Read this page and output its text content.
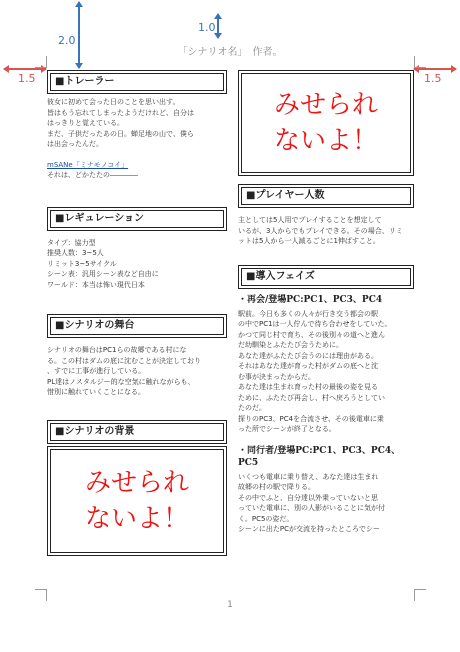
2.0
1.0
1.5	1.5
「シナリオ名」　作者。
■トレーラー

彼女に初めて会った日のことを思い出す。

皆はもう忘れてしまったようだけれど、自分は

はっきりと覚えている。

まだ、子供だったあの日。蝉足地の山で、僕ら

は出会ったんだ。

mSANe「ミナモノコイ」

それは、どかたたの――――

■レギュレーション

タイプ：協力型

推奨人数：3~5人

リミット3~5サイクル

シーン表：汎用シーン表など自由に

ワールド：本当は怖い現代日本

■シナリオの舞台

シナリオの舞台はPC1らの故郷である村にな

る。この村はダムの底に沈むことが決定しており

、すでに工事が進行している。

PL達はノスタルジー的な空気に触れながらも、

惜別に触れていくことになる。

■シナリオの背景
みせられ
ないよ！
みせられ
ないよ！
■プレイヤー人数

主としては5人用でプレイすることを想定して

いるが、3人からでもプレイできる。その場合、リミ

ットは5人から一人減るごとに1伸ばすこと。

■導入フェイズ
・再会/登場PC:PC1、PC3、PC4

駅前。今日も多くの人々が行き交う都会の駅

の中でPC1は一人佇んで待ち合わせをしていた。

かつて同じ村で育ち、その後別々の道へと進ん

だ幼馴染とふたたび会うために。

あなた達がふたたび会うのには理由がある。

それはあなた達が育った村がダムの底へと沈

む事が決まったからだ。

あなた達は生まれ育った村の最後の姿を見る

ために、ふたたび再会し、村へ戻ろうとしてい

たのだ。

探りのPC3、PC4を合流させ、その後電車に乗

った所でシーンが終了となる。

・同行者/登場PC:PC1、PC3、PC4、
PC5

いくつも電車に乗り替え、あなた達は生まれ

故郷の村の駅で降りる。

その中でふと、自分達以外乗っていないと思

っていた電車に、別の人影がいることに気が付

く。PC5の姿だ。

シーンに出たPCが交流を持ったところでシー

1
